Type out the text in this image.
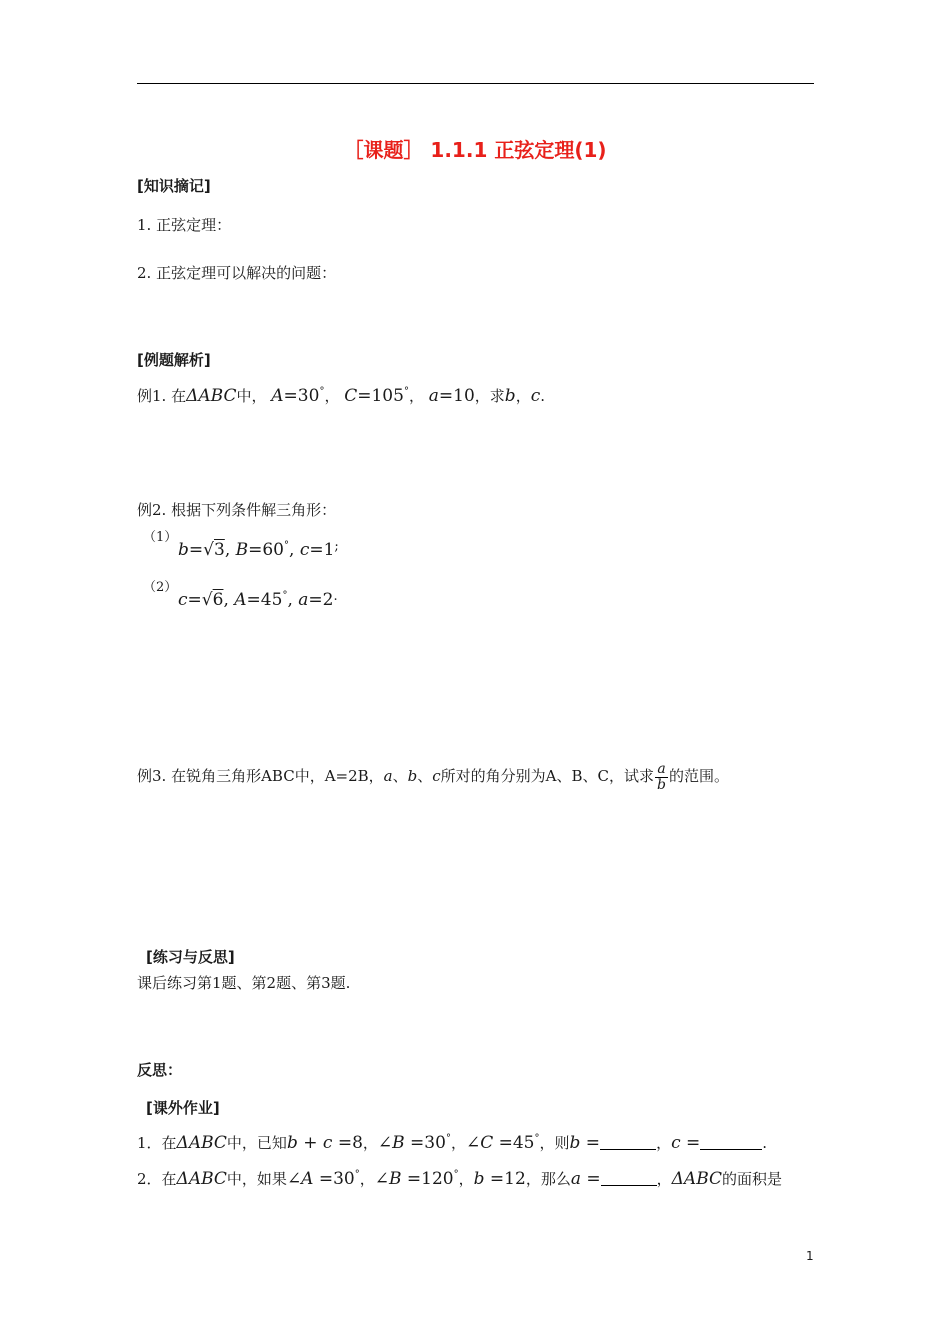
［课题］ 1.1.1 正弦定理(1)
[知识摘记]
1. 正弦定理：
2. 正弦定理可以解决的问题：
[例题解析]
例1. 在ΔABC中， A=30°， C=105°， a=10，求b，c.
例2. 根据下列条件解三角形：
（1）
b=√3, B=60°, c=1;
（2）
c=√6, A=45°, a=2.
例3. 在锐角三角形ABC中，A=2B，a、b、c所对的角分别为A、B、C，试求 $\frac{a}{b}$ 的范围。
[练习与反思]
课后练习第1题、第2题、第3题.
反思：
[课外作业]
1．在ΔABC中，已知b + c =8，∠B =30°，∠C =45°，则b =	，c =	.
2．在ΔABC中，如果∠A =30°，∠B =120°，b =12，那么a =	，ΔABC的面积是
1
